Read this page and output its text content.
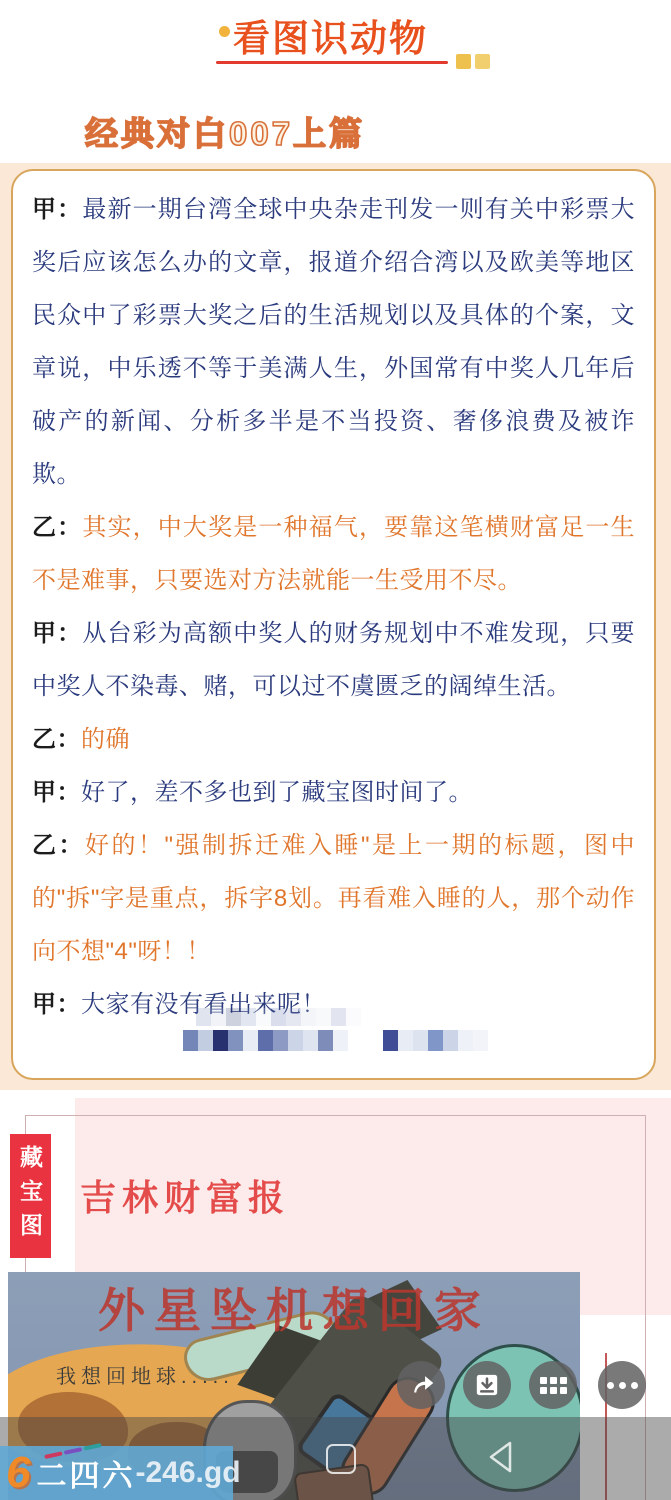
看图识动物
经典对白007上篇

甲：最新一期台湾全球中央杂走刊发一则有关中彩票大奖后应该怎么办的文章，报道介绍合湾以及欧美等地区民众中了彩票大奖之后的生活规划以及具体的个案，文章说，中乐透不等于美满人生，外国常有中奖人几年后破产的新闻、分析多半是不当投资、奢侈浪费及被诈欺。

乙：其实，中大奖是一种福气，要靠这笔横财富足一生不是难事，只要选对方法就能一生受用不尽。

甲：从台彩为高额中奖人的财务规划中不难发现，只要中奖人不染毒、赌，可以过不虞匮乏的阔绰生活。

乙：的确

甲：好了，差不多也到了藏宝图时间了。

乙：好的！"强制拆迁难入睡"是上一期的标题，图中的"拆"字是重点，拆字8划。再看难入睡的人，那个动作向不想"4"呀！！

甲：大家有没有看出来呢！

藏宝图 吉林财富报
外星坠机想回家
我想回地球.....
6 二四六 -246.gd
